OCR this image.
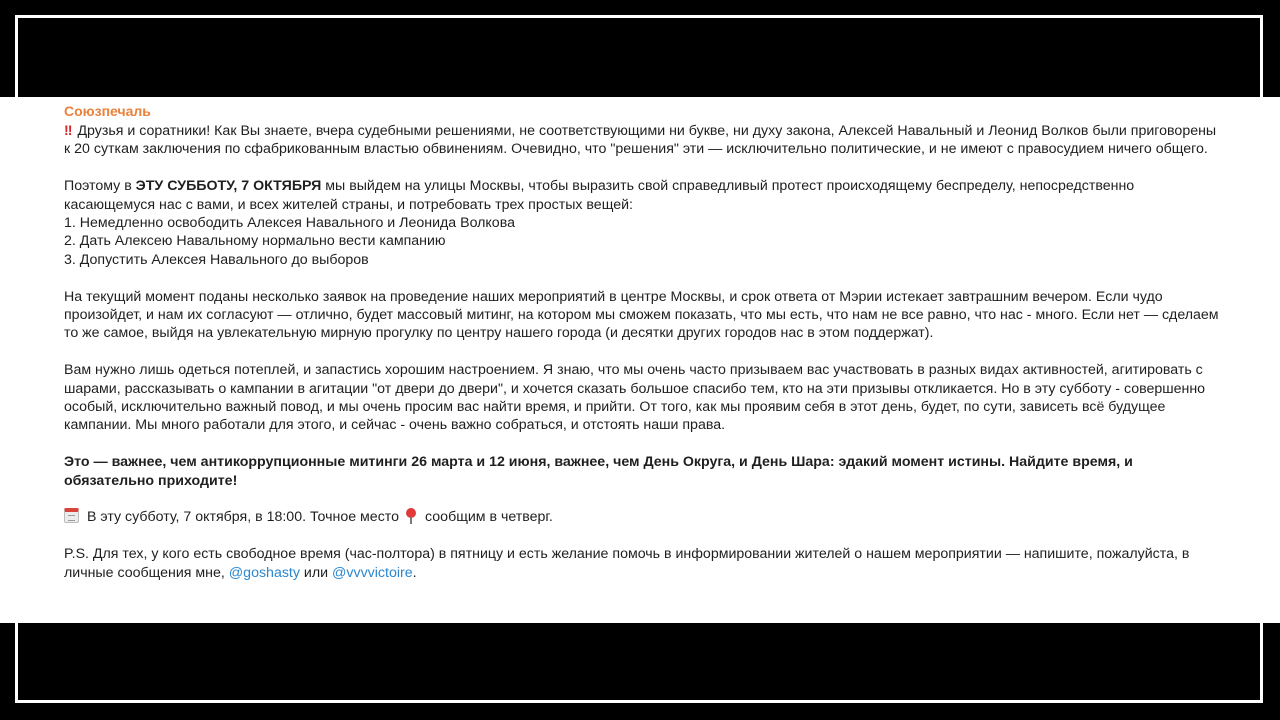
Союзпечаль

!! Друзья и соратники! Как Вы знаете, вчера судебными решениями, не соответствующими ни букве, ни духу закона, Алексей Навальный и Леонид Волков были приговорены к 20 суткам заключения по сфабрикованным властью обвинениям. Очевидно, что "решения" эти — исключительно политические, и не имеют с правосудием ничего общего.

Поэтому в ЭТУ СУББОТУ, 7 ОКТЯБРЯ мы выйдем на улицы Москвы, чтобы выразить свой справедливый протест происходящему беспределу, непосредственно касающемуся нас с вами, и всех жителей страны, и потребовать трех простых вещей:

1. Немедленно освободить Алексея Навального и Леонида Волкова
2. Дать Алексею Навальному нормально вести кампанию
3. Допустить Алексея Навального до выборов

На текущий момент поданы несколько заявок на проведение наших мероприятий в центре Москвы, и срок ответа от Мэрии истекает завтрашним вечером. Если чудо произойдет, и нам их согласуют — отлично, будет массовый митинг, на котором мы сможем показать, что мы есть, что нам не все равно, что нас - много. Если нет — сделаем то же самое, выйдя на увлекательную мирную прогулку по центру нашего города (и десятки других городов нас в этом поддержат).

Вам нужно лишь одеться потеплей, и запастись хорошим настроением. Я знаю, что мы очень часто призываем вас участвовать в разных видах активностей, агитировать с шарами, рассказывать о кампании в агитации "от двери до двери", и хочется сказать большое спасибо тем, кто на эти призывы откликается. Но в эту субботу - совершенно особый, исключительно важный повод, и мы очень просим вас найти время, и прийти. От того, как мы проявим себя в этот день, будет, по сути, зависеть всё будущее кампании. Мы много работали для этого, и сейчас - очень важно собраться, и отстоять наши права.

Это — важнее, чем антикоррупционные митинги 26 марта и 12 июня, важнее, чем День Округа, и День Шара: эдакий момент истины. Найдите время, и обязательно приходите!

В эту субботу, 7 октября, в 18:00. Точное место сообщим в четверг.

P.S. Для тех, у кого есть свободное время (час-полтора) в пятницу и есть желание помочь в информировании жителей о нашем мероприятии — напишите, пожалуйста, в личные сообщения мне, @goshasty или @vvvvictoire.
